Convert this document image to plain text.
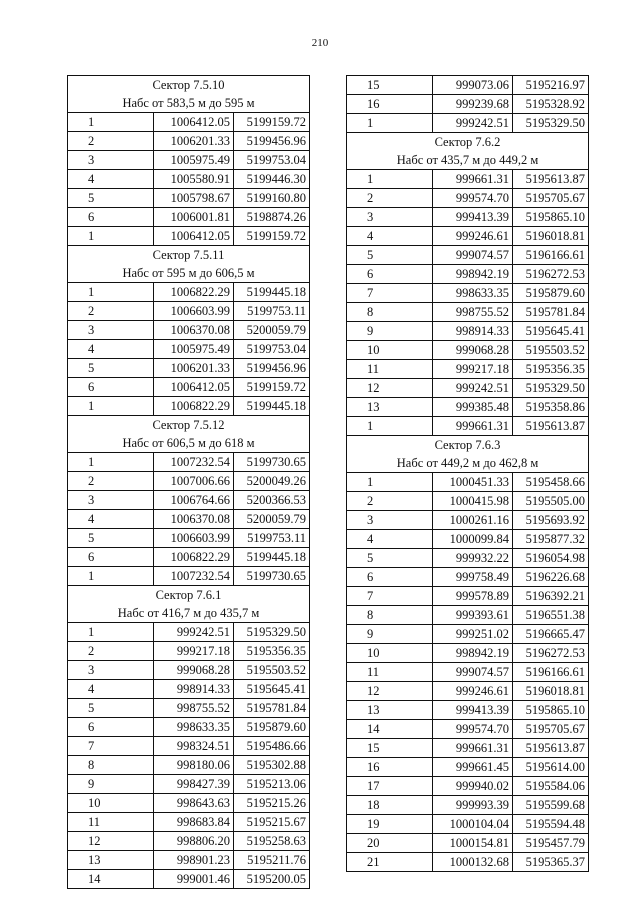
210
Сектор 7.5.10		
Набс от 583,5 м до 595 м		
1	1006412.05	5199159.72
2	1006201.33	5199456.96
3	1005975.49	5199753.04
4	1005580.91	5199446.30
5	1005798.67	5199160.80
6	1006001.81	5198874.26
1	1006412.05	5199159.72
Сектор 7.5.11		
Набс от 595 м до 606,5 м		
1	1006822.29	5199445.18
2	1006603.99	5199753.11
3	1006370.08	5200059.79
4	1005975.49	5199753.04
5	1006201.33	5199456.96
6	1006412.05	5199159.72
1	1006822.29	5199445.18
Сектор 7.5.12		
Набс от 606,5 м до 618 м		
1	1007232.54	5199730.65
2	1007006.66	5200049.26
3	1006764.66	5200366.53
4	1006370.08	5200059.79
5	1006603.99	5199753.11
6	1006822.29	5199445.18
1	1007232.54	5199730.65
Сектор 7.6.1		
Набс от 416,7 м до 435,7 м		
1	999242.51	5195329.50
2	999217.18	5195356.35
3	999068.28	5195503.52
4	998914.33	5195645.41
5	998755.52	5195781.84
6	998633.35	5195879.60
7	998324.51	5195486.66
8	998180.06	5195302.88
9	998427.39	5195213.06
10	998643.63	5195215.26
11	998683.84	5195215.67
12	998806.20	5195258.63
13	998901.23	5195211.76
14	999001.46	5195200.05
15	999073.06	5195216.97
16	999239.68	5195328.92
1	999242.51	5195329.50
Сектор 7.6.2		
Набс от 435,7 м до 449,2 м		
1	999661.31	5195613.87
2	999574.70	5195705.67
3	999413.39	5195865.10
4	999246.61	5196018.81
5	999074.57	5196166.61
6	998942.19	5196272.53
7	998633.35	5195879.60
8	998755.52	5195781.84
9	998914.33	5195645.41
10	999068.28	5195503.52
11	999217.18	5195356.35
12	999242.51	5195329.50
13	999385.48	5195358.86
1	999661.31	5195613.87
Сектор 7.6.3		
Набс от 449,2 м до 462,8 м		
1	1000451.33	5195458.66
2	1000415.98	5195505.00
3	1000261.16	5195693.92
4	1000099.84	5195877.32
5	999932.22	5196054.98
6	999758.49	5196226.68
7	999578.89	5196392.21
8	999393.61	5196551.38
9	999251.02	5196665.47
10	998942.19	5196272.53
11	999074.57	5196166.61
12	999246.61	5196018.81
13	999413.39	5195865.10
14	999574.70	5195705.67
15	999661.31	5195613.87
16	999661.45	5195614.00
17	999940.02	5195584.06
18	999993.39	5195599.68
19	1000104.04	5195594.48
20	1000154.81	5195457.79
21	1000132.68	5195365.37
